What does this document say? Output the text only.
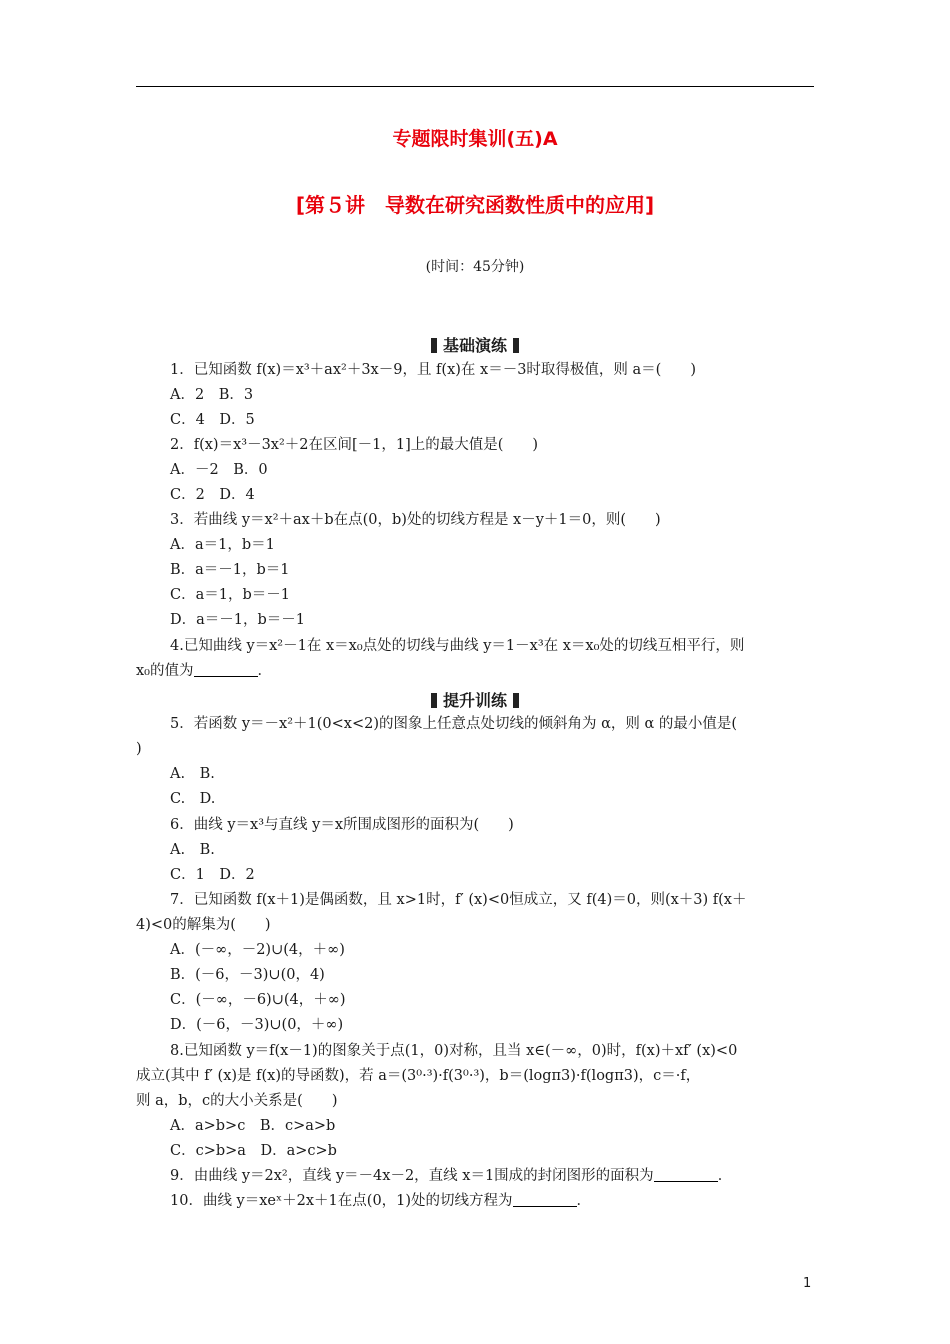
专题限时集训(五)A
[第５讲　导数在研究函数性质中的应用]
(时间：45分钟)
基础演练
1．已知函数 f(x)＝x³＋ax²＋3x－9，且 f(x)在 x＝－3时取得极值，则 a＝(　　)
A．2　B．3
C．4　D．5
2．f(x)＝x³－3x²＋2在区间[－1，1]上的最大值是(　　)
A．－2　B．0
C．2　D．4
3．若曲线 y＝x²＋ax＋b在点(0，b)处的切线方程是 x－y＋1＝0，则(　　)
A．a＝1，b＝1
B．a＝－1，b＝1
C．a＝1，b＝－1
D．a＝－1，b＝－1
4.已知曲线 y＝x²－1在 x＝x₀点处的切线与曲线 y＝1－x³在 x＝x₀处的切线互相平行，则
x₀的值为	．
提升训练
5．若函数 y＝－x²＋1(0<x<2)的图象上任意点处切线的倾斜角为 α，则 α 的最小值是(
)
A.　B.
C.　D.
6．曲线 y＝x³与直线 y＝x所围成图形的面积为(　　)
A.　B.
C．1　D．2
7．已知函数 f(x＋1)是偶函数，且 x>1时，f′ (x)<0恒成立，又 f(4)＝0，则(x＋3) f(x＋
4)<0的解集为(　　)
A．(－∞，－2)∪(4，＋∞)
B．(－6，－3)∪(0，4)
C．(－∞，－6)∪(4，＋∞)
D．(－6，－3)∪(0，＋∞)
8.已知函数 y＝f(x－1)的图象关于点(1，0)对称，且当 x∈(－∞，0)时，f(x)＋xf′ (x)<0
成立(其中 f′ (x)是 f(x)的导函数)，若 a＝(3⁰·³)·f(3⁰·³)，b＝(logπ3)·f(logπ3)，c＝·f，
则 a，b，c的大小关系是(　　)
A．a>b>c　B．c>a>b
C．c>b>a　D．a>c>b
9．由曲线 y＝2x²，直线 y＝－4x－2，直线 x＝1围成的封闭图形的面积为	．
10．曲线 y＝xeˣ＋2x＋1在点(0，1)处的切线方程为	．
1
